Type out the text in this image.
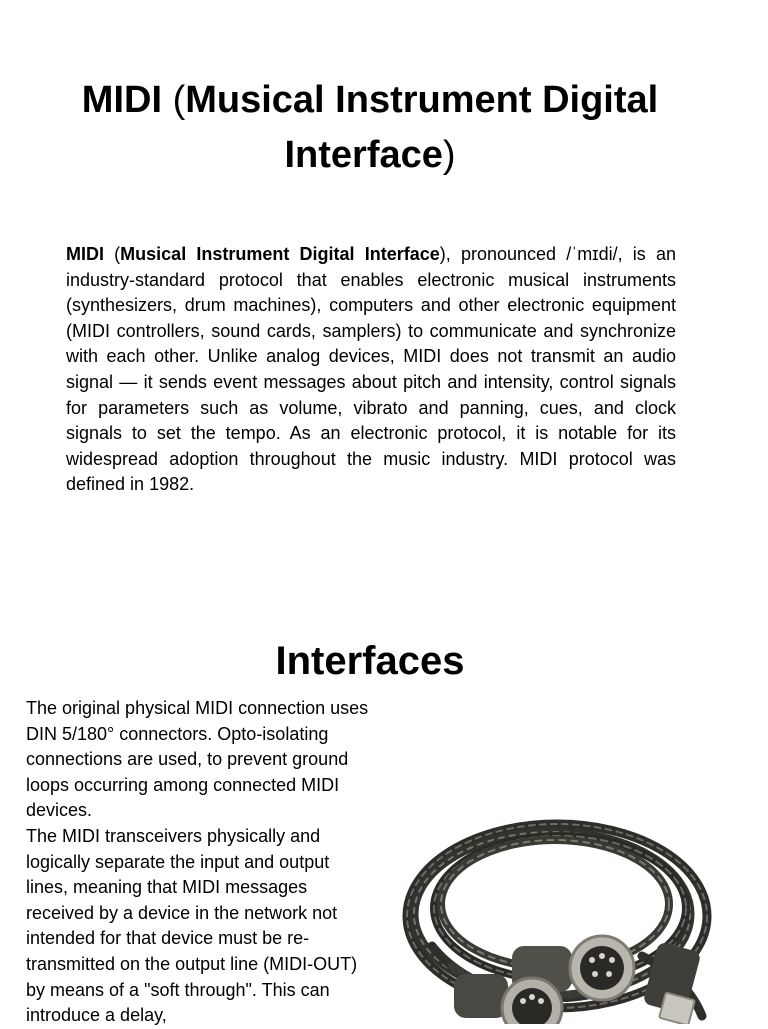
MIDI (Musical Instrument Digital Interface)
MIDI (Musical Instrument Digital Interface), pronounced /ˈmɪdi/, is an industry-standard protocol that enables electronic musical instruments (synthesizers, drum machines), computers and other electronic equipment (MIDI controllers, sound cards, samplers) to communicate and synchronize with each other. Unlike analog devices, MIDI does not transmit an audio signal — it sends event messages about pitch and intensity, control signals for parameters such as volume, vibrato and panning, cues, and clock signals to set the tempo. As an electronic protocol, it is notable for its widespread adoption throughout the music industry. MIDI protocol was defined in 1982.
Interfaces

The original physical MIDI connection uses DIN 5/180° connectors. Opto-isolating connections are used, to prevent ground loops occurring among connected MIDI devices.

The MIDI transceivers physically and logically separate the input and output lines, meaning that MIDI messages received by a device in the network not intended for that device must be re-transmitted on the output line (MIDI-OUT) by means of a "soft through". This can introduce a delay,
